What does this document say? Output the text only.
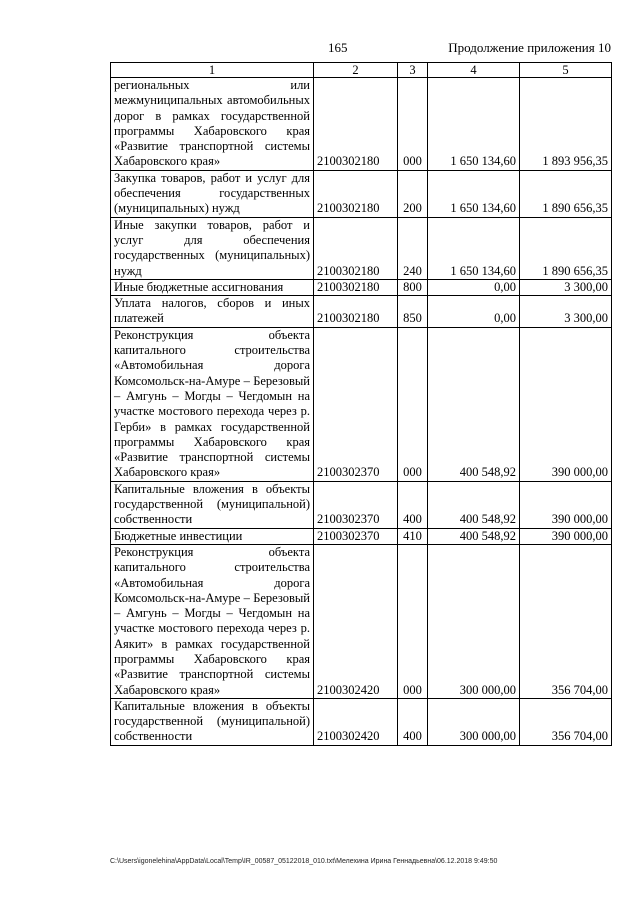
165	Продолжение приложения 10
1	2	3	4	5
региональных или межмуниципальных автомобильных дорог в рамках государственной программы Хабаровского края «Развитие транспортной системы Хабаровского края»	2100302180	000	1 650 134,60	1 893 956,35
Закупка товаров, работ и услуг для обеспечения государственных (муниципальных) нужд	2100302180	200	1 650 134,60	1 890 656,35
Иные закупки товаров, работ и услуг для обеспечения государственных (муниципальных) нужд	2100302180	240	1 650 134,60	1 890 656,35
Иные бюджетные ассигнования	2100302180	800	0,00	3 300,00
Уплата налогов, сборов и иных платежей	2100302180	850	0,00	3 300,00
Реконструкция объекта капитального строительства «Автомобильная дорога Комсомольск-на-Амуре – Березовый – Амгунь – Могды – Чегдомын на участке мостового перехода через р. Герби» в рамках государственной программы Хабаровского края «Развитие транспортной системы Хабаровского края»	2100302370	000	400 548,92	390 000,00
Капитальные вложения в объекты государственной (муниципальной) собственности	2100302370	400	400 548,92	390 000,00
Бюджетные инвестиции	2100302370	410	400 548,92	390 000,00
Реконструкция объекта капитального строительства «Автомобильная дорога Комсомольск-на-Амуре – Березовый – Амгунь – Могды – Чегдомын на участке мостового перехода через р. Аякит» в рамках государственной программы Хабаровского края «Развитие транспортной системы Хабаровского края»	2100302420	000	300 000,00	356 704,00
Капитальные вложения в объекты государственной (муниципальной) собственности	2100302420	400	300 000,00	356 704,00
C:\Users\igonelehina\AppData\Local\Temp\IR_00587_05122018_010.txt\Мелехина Ирина Геннадьевна\06.12.2018 9:49:50
